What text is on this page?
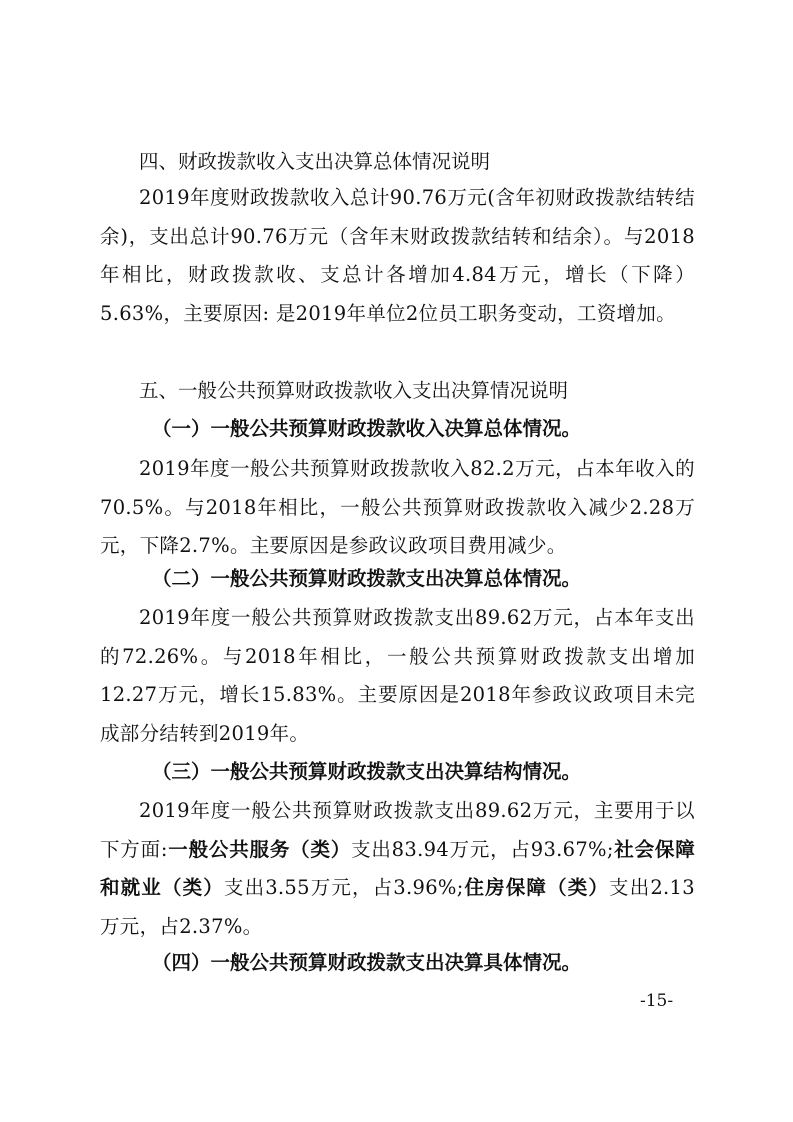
四、财政拨款收入支出决算总体情况说明

2019年度财政拨款收入总计90.76万元(含年初财政拨款结转结余)，支出总计90.76万元（含年末财政拨款结转和结余）。与2018年相比，财政拨款收、支总计各增加4.84万元，增长（下降）5.63%，主要原因: 是2019年单位2位员工职务变动，工资增加。

五、一般公共预算财政拨款收入支出决算情况说明

（一）一般公共预算财政拨款收入决算总体情况。

2019年度一般公共预算财政拨款收入82.2万元，占本年收入的70.5%。与2018年相比，一般公共预算财政拨款收入减少2.28万元，下降2.7%。主要原因是参政议政项目费用减少。

（二）一般公共预算财政拨款支出决算总体情况。

2019年度一般公共预算财政拨款支出89.62万元，占本年支出的72.26%。与2018年相比，一般公共预算财政拨款支出增加12.27万元，增长15.83%。主要原因是2018年参政议政项目未完成部分结转到2019年。

（三）一般公共预算财政拨款支出决算结构情况。

2019年度一般公共预算财政拨款支出89.62万元，主要用于以下方面:一般公共服务（类）支出83.94万元，占93.67%;社会保障和就业（类）支出3.55万元，占3.96%;住房保障（类）支出2.13万元，占2.37%。

（四）一般公共预算财政拨款支出决算具体情况。

-15-
